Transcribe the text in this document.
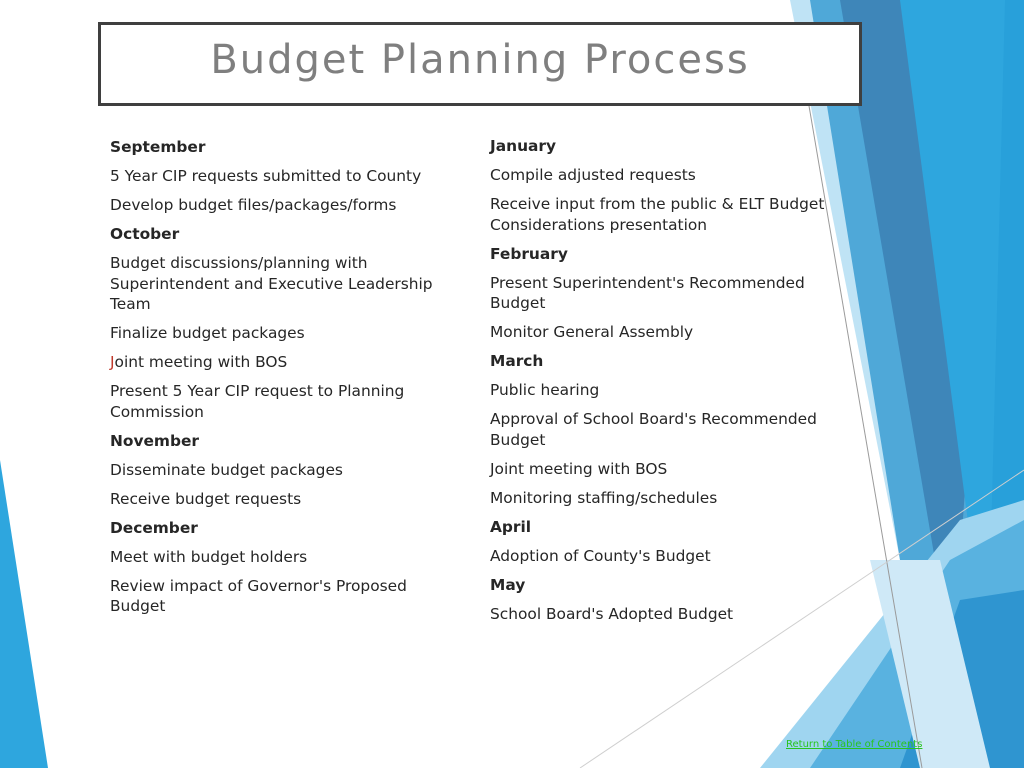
Budget Planning Process
September
5 Year CIP requests submitted to County
Develop budget files/packages/forms
October
Budget discussions/planning with Superintendent and Executive Leadership Team
Finalize budget packages
Joint meeting with BOS
Present 5 Year CIP request to Planning Commission
November
Disseminate budget packages
Receive budget requests
December
Meet with budget holders
Review impact of Governor's Proposed Budget
January
Compile adjusted requests
Receive input from the public & ELT Budget Considerations presentation
February
Present Superintendent's Recommended Budget
Monitor General Assembly
March
Public hearing
Approval of School Board's Recommended Budget
Joint meeting with BOS
Monitoring staffing/schedules
April
Adoption of County's Budget
May
School Board's Adopted Budget
Return to Table of Contents
